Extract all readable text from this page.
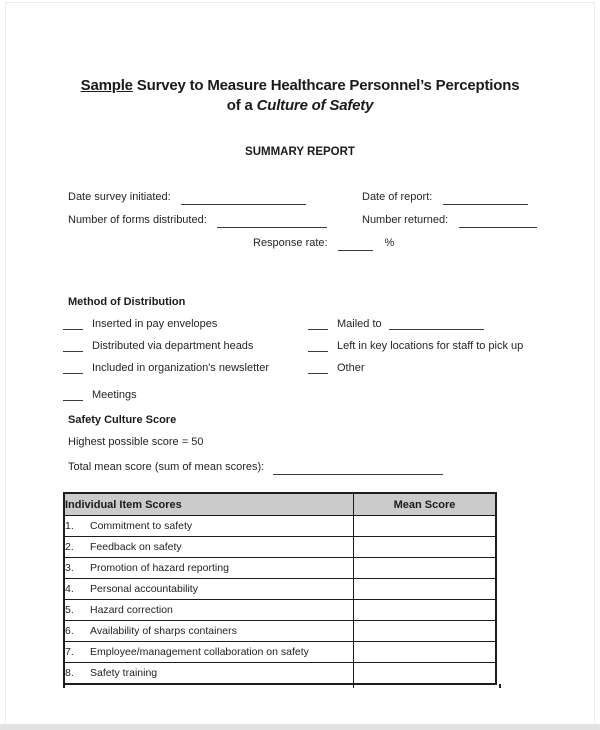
Sample Survey to Measure Healthcare Personnel’s Perceptions
of a Culture of Safety
SUMMARY REPORT
Date survey initiated:	Date of report:
Number of forms distributed:	Number returned:
Response rate:	%
Method of Distribution
Inserted in pay envelopes
Distributed via department heads
Included in organization's newsletter
Meetings
Mailed to
Left in key locations for staff to pick up
Other
Safety Culture Score
Highest possible score = 50
Total mean score (sum of mean scores):
Individual Item Scores	Mean Score
1. Commitment to safety	
2. Feedback on safety	
3. Promotion of hazard reporting	
4. Personal accountability	
5. Hazard correction	
6. Availability of sharps containers	
7. Employee/management collaboration on safety	
8. Safety training	
